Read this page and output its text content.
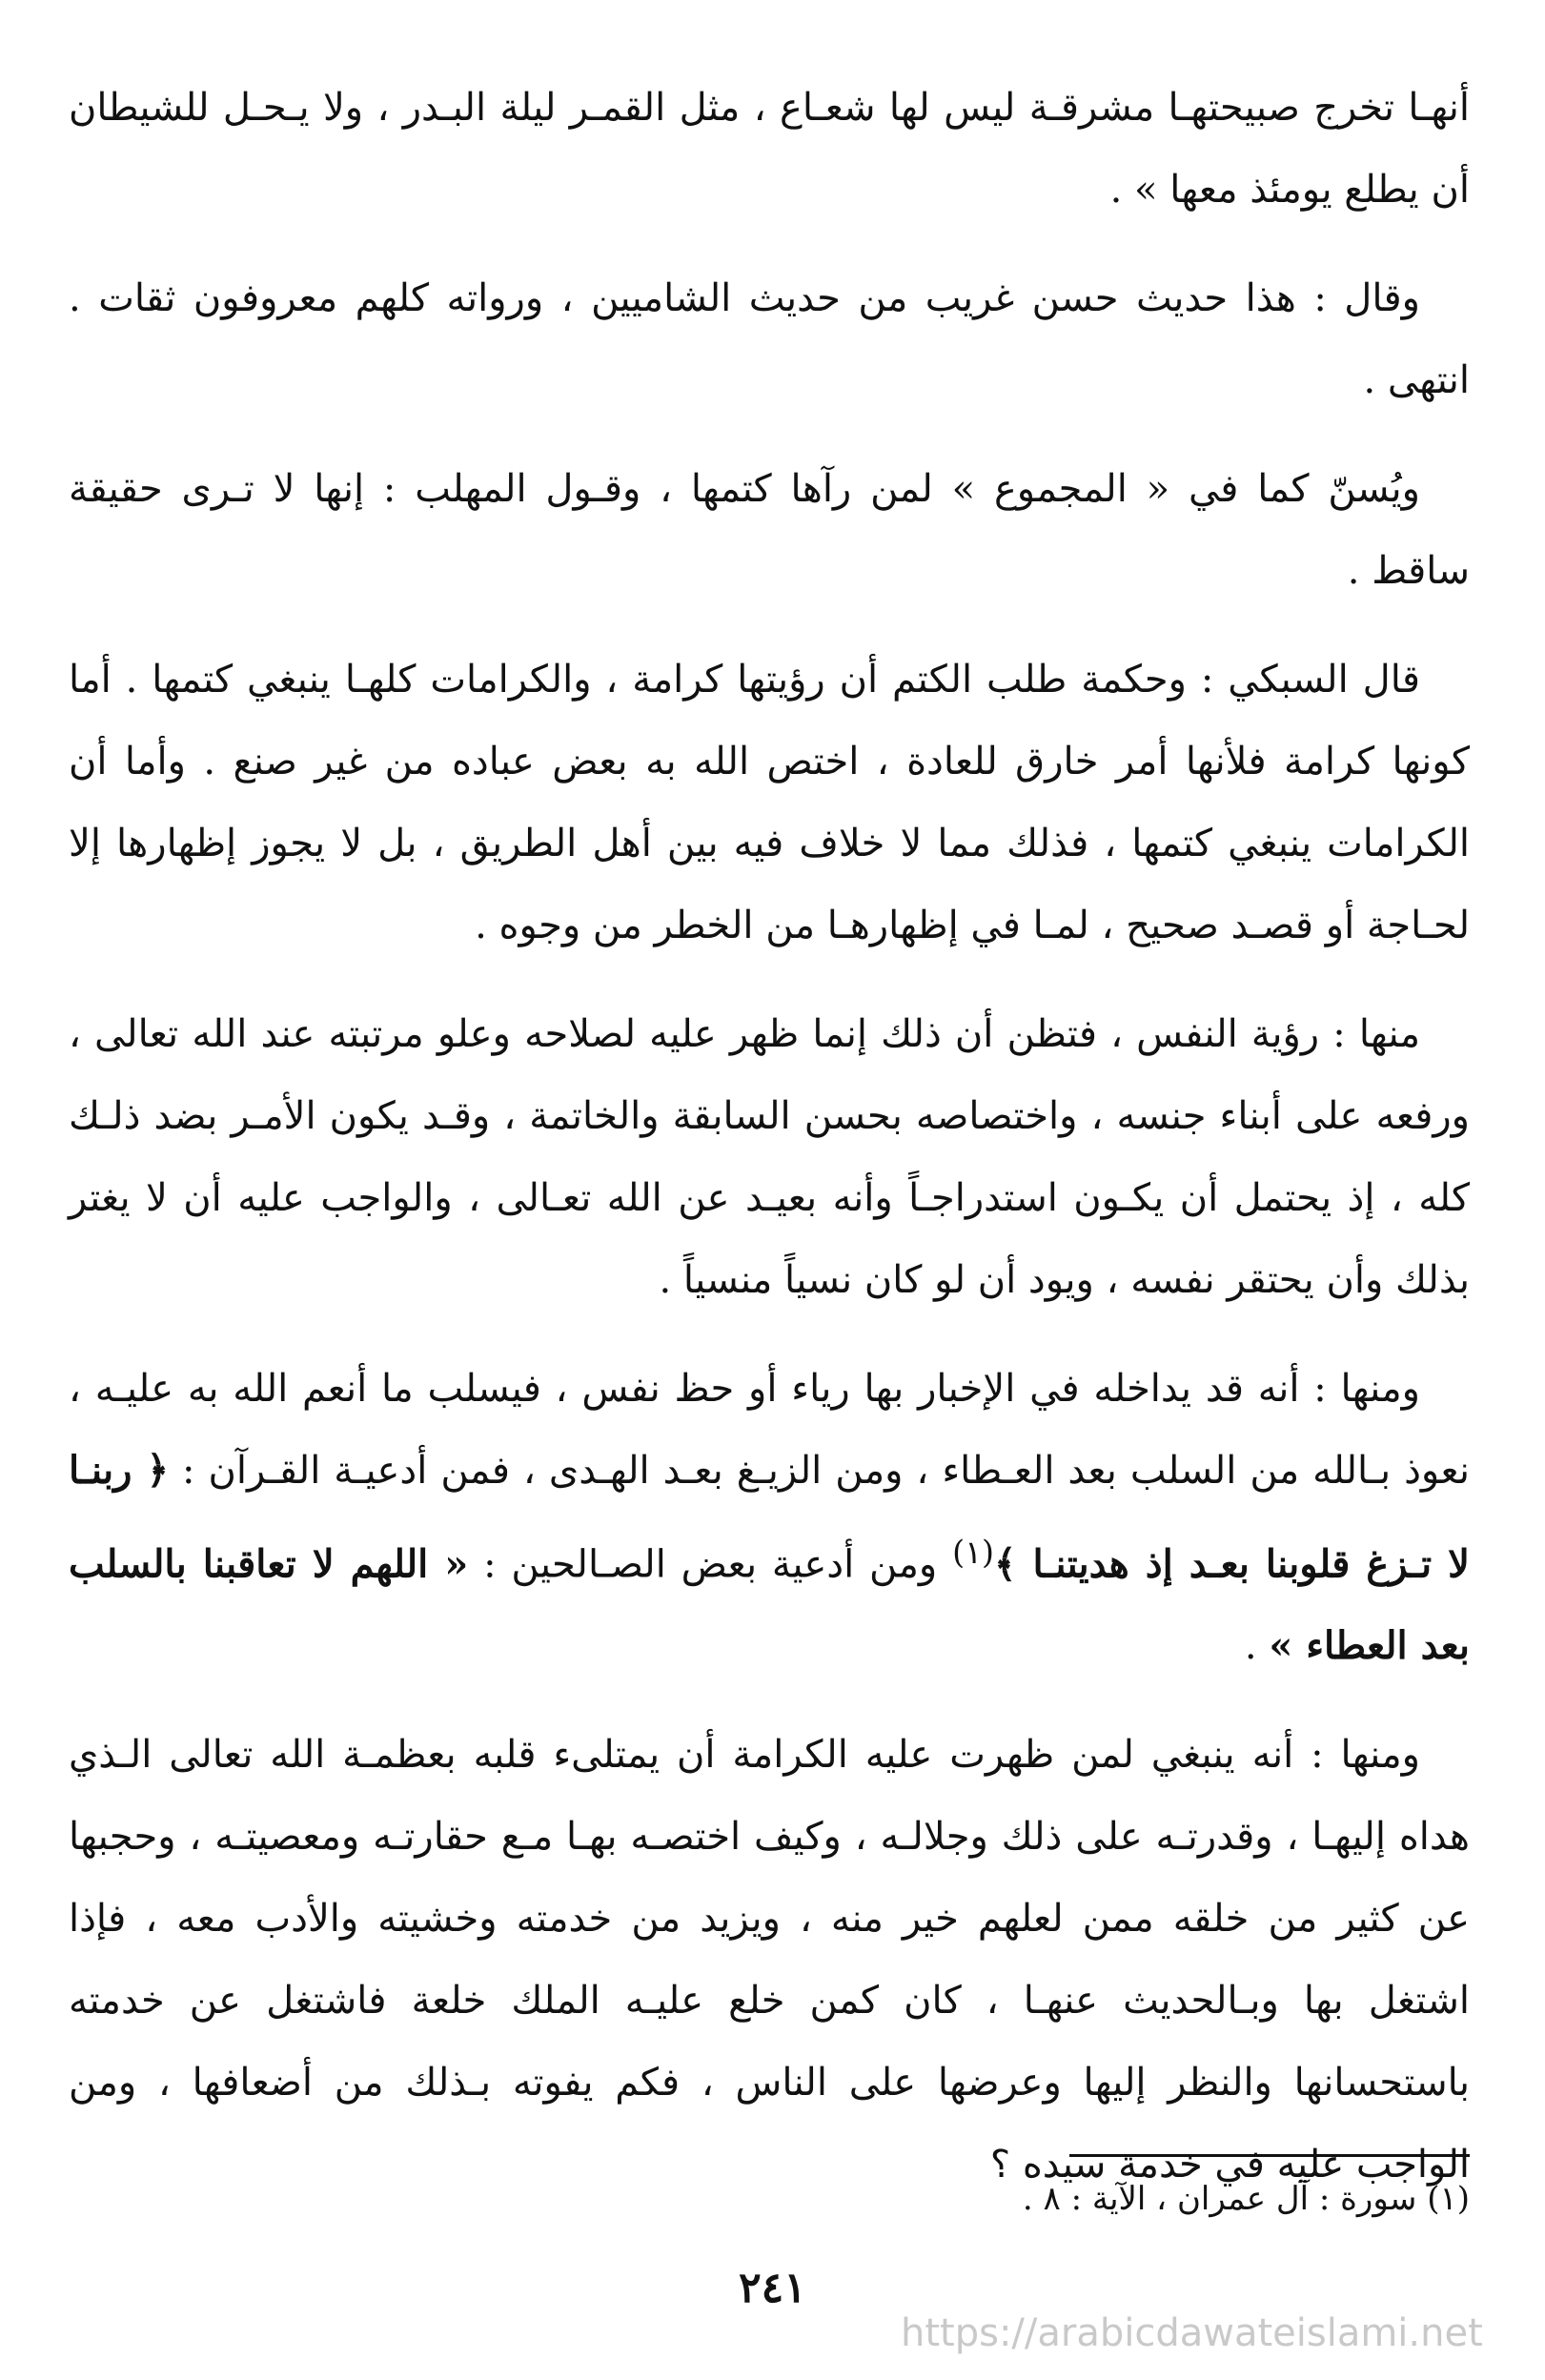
أنهـا تخرج صبيحتهـا مشرقـة ليس لها شعـاع ، مثل القمـر ليلة البـدر ، ولا يـحـل للشيطان أن يطلع يومئذ معها » .

وقال : هذا حديث حسن غريب من حديث الشاميين ، ورواته كلهم معروفون ثقات . انتهى .

ويُسنّ كما في « المجموع » لمن رآها كتمها ، وقـول المهلب : إنها لا تـرى حقيقة ساقط .

قال السبكي : وحكمة طلب الكتم أن رؤيتها كرامة ، والكرامات كلهـا ينبغي كتمها . أما كونها كرامة فلأنها أمر خارق للعادة ، اختص الله به بعض عباده من غير صنع . وأما أن الكرامات ينبغي كتمها ، فذلك مما لا خلاف فيه بين أهل الطريق ، بل لا يجوز إظهارها إلا لحـاجة أو قصـد صحيح ، لمـا في إظهارهـا من الخطر من وجوه .

منها : رؤية النفس ، فتظن أن ذلك إنما ظهر عليه لصلاحه وعلو مرتبته عند الله تعالى ، ورفعه على أبناء جنسه ، واختصاصه بحسن السابقة والخاتمة ، وقـد يكون الأمـر بضد ذلـك كله ، إذ يحتمل أن يكـون استدراجـاً وأنه بعيـد عن الله تعـالى ، والواجب عليه أن لا يغتر بذلك وأن يحتقر نفسه ، ويود أن لو كان نسياً منسياً .

ومنها : أنه قد يداخله في الإخبار بها رياء أو حظ نفس ، فيسلب ما أنعم الله به عليـه ، نعوذ بـالله من السلب بعد العـطاء ، ومن الزيـغ بعـد الهـدى ، فمن أدعيـة القـرآن : ﴿ ربنـا لا تـزغ قلوبنا بعـد إذ هدیتنـا ﴾$^{(١)}$ ومن أدعية بعض الصـالحين : « اللهم لا تعاقبنا بالسلب بعد العطاء » .

ومنها : أنه ينبغي لمن ظهرت عليه الكرامة أن يمتلىء قلبه بعظمـة الله تعالى الـذي هداه إليهـا ، وقدرتـه على ذلك وجلالـه ، وكيف اختصـه بهـا مـع حقارتـه ومعصيتـه ، وحجبها عن كثير من خلقه ممن لعلهم خير منه ، ويزيد من خدمته وخشيته والأدب معه ، فإذا اشتغل بها وبـالحديث عنهـا ، كان كمن خلع عليـه الملك خلعة فاشتغل عن خدمته باستحسانها والنظر إليها وعرضها على الناس ، فكم يفوته بـذلك من أضعافها ، ومن الواجب عليه في خدمة سيده ؟

(١) سورة : آل عمران ، الآية : ٨ .

٢٤١
https://arabicdawateislami.net
